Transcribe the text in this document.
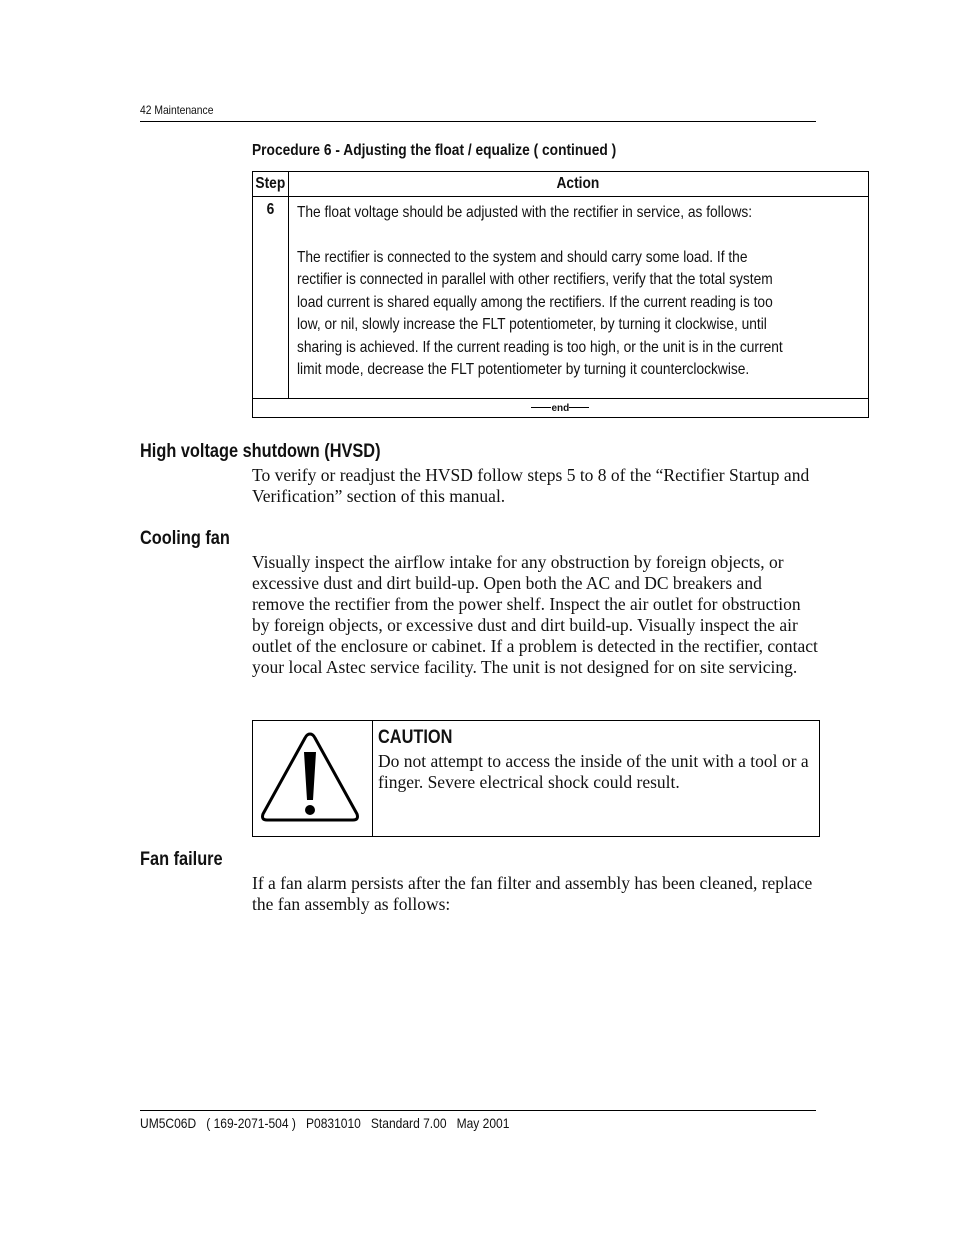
42 Maintenance
Procedure 6 - Adjusting the float / equalize ( continued )
Step	Action
6	The float voltage should be adjusted with the rectifier in service, as follows:

The rectifier is connected to the system and should carry some load. If the rectifier is connected in parallel with other rectifiers, verify that the total system load current is shared equally among the rectifiers. If the current reading is too low, or nil, slowly increase the FLT potentiometer, by turning it clockwise, until sharing is achieved. If the current reading is too high, or the unit is in the current limit mode, decrease the FLT potentiometer by turning it counterclockwise.

end	
High voltage shutdown (HVSD)

To verify or readjust the HVSD follow steps 5 to 8 of the “Rectifier Startup and Verification” section of this manual.

Cooling fan

Visually inspect the airflow intake for any obstruction by foreign objects, or excessive dust and dirt build-up. Open both the AC and DC breakers and remove the rectifier from the power shelf. Inspect the air outlet for obstruction by foreign objects, or excessive dust and dirt build-up. Visually inspect the air outlet of the enclosure or cabinet. If a problem is detected in the rectifier, contact your local Astec service facility. The unit is not designed for on site servicing.

CAUTION

Do not attempt to access the inside of the unit with a tool or a finger. Severe electrical shock could result.

Fan failure

If a fan alarm persists after the fan filter and assembly has been cleaned, replace the fan assembly as follows:

UM5C06D   ( 169-2071-504 )   P0831010   Standard 7.00   May 2001
